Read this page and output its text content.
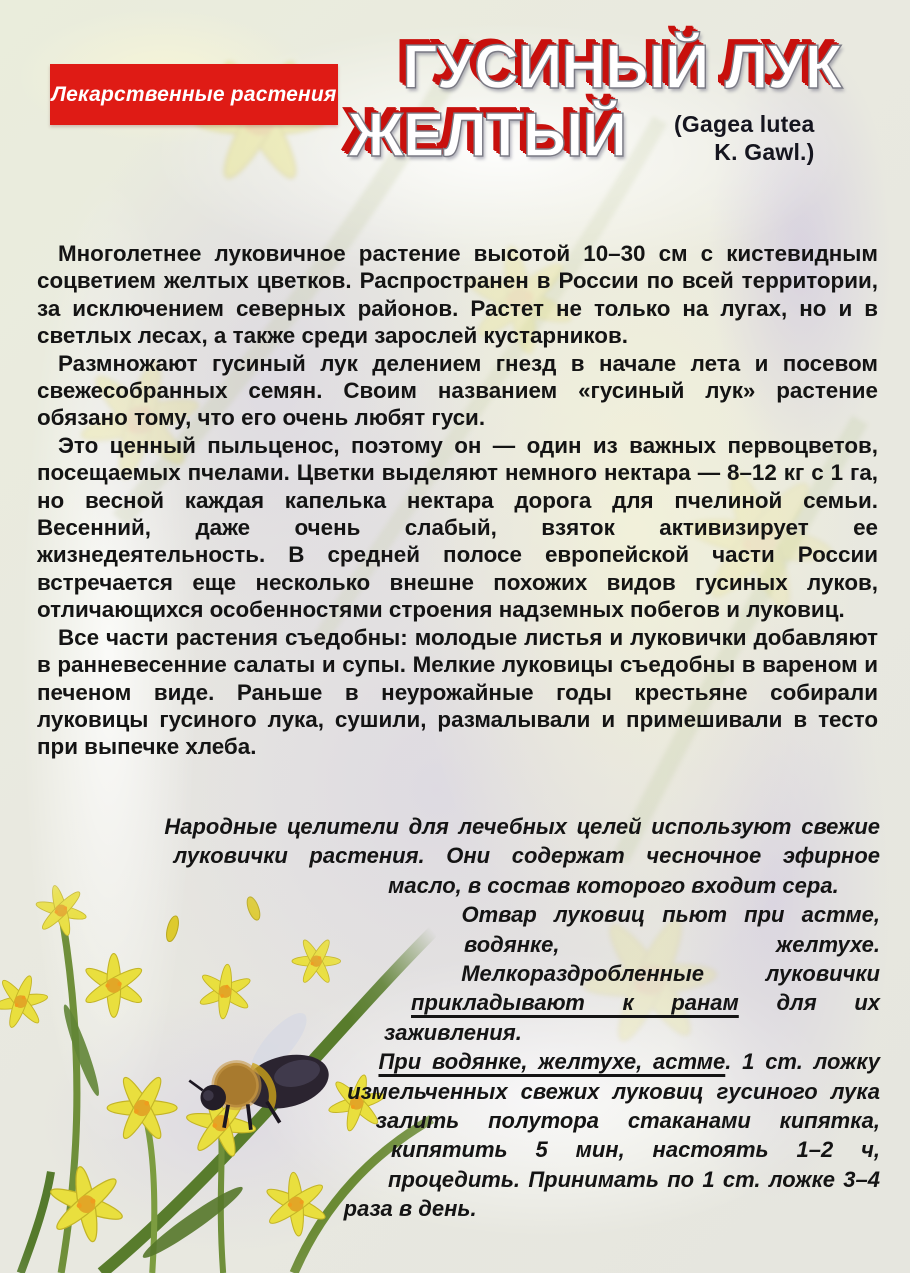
Лекарственные растения	ГУСИНЫЙ ЛУК
ЖЕЛТЫЙ (Gagea lutea
K. Gawl.)

Многолетнее луковичное растение высотой 10–30 см с кистевидным соцветием желтых цветков. Распространен в России по всей территории, за исключением северных районов. Растет не только на лугах, но и в светлых лесах, а также среди зарослей кустарников.

Размножают гусиный лук делением гнезд в начале лета и посевом свежесобранных семян. Своим названием «гусиный лук» растение обязано тому, что его очень любят гуси.

Это ценный пыльценос, поэтому он — один из важных первоцветов, посещаемых пчелами. Цветки выделяют немного нектара — 8–12 кг с 1 га, но весной каждая капелька нектара дорога для пчелиной семьи. Весенний, даже очень слабый, взяток активизирует ее жизнедеятельность. В средней полосе европейской части России встречается еще несколько внешне похожих видов гусиных луков, отличающихся особенностями строения надземных побегов и луковиц.

Все части растения съедобны: молодые листья и луковички добавляют в ранневесенние салаты и супы. Мелкие луковицы съедобны в вареном и печеном виде. Раньше в неурожайные годы крестьяне собирали луковицы гусиного лука, сушили, размалывали и примешивали в тесто при выпечке хлеба.

Народные целители для лечебных целей используют свежие луковички растения. Они содержат чесночное эфирное масло, в состав которого входит сера.

Отвар луковиц пьют при астме, водянке, желтухе. Мелкораздробленные луковички прикладывают к ранам для их заживления.

При водянке, желтухе, астме. 1 ст. ложку измельченных свежих луковиц гусиного лука залить полутора стаканами кипятка, кипятить 5 мин, настоять 1–2 ч, процедить. Принимать по 1 ст. ложке 3–4 раза в день.
